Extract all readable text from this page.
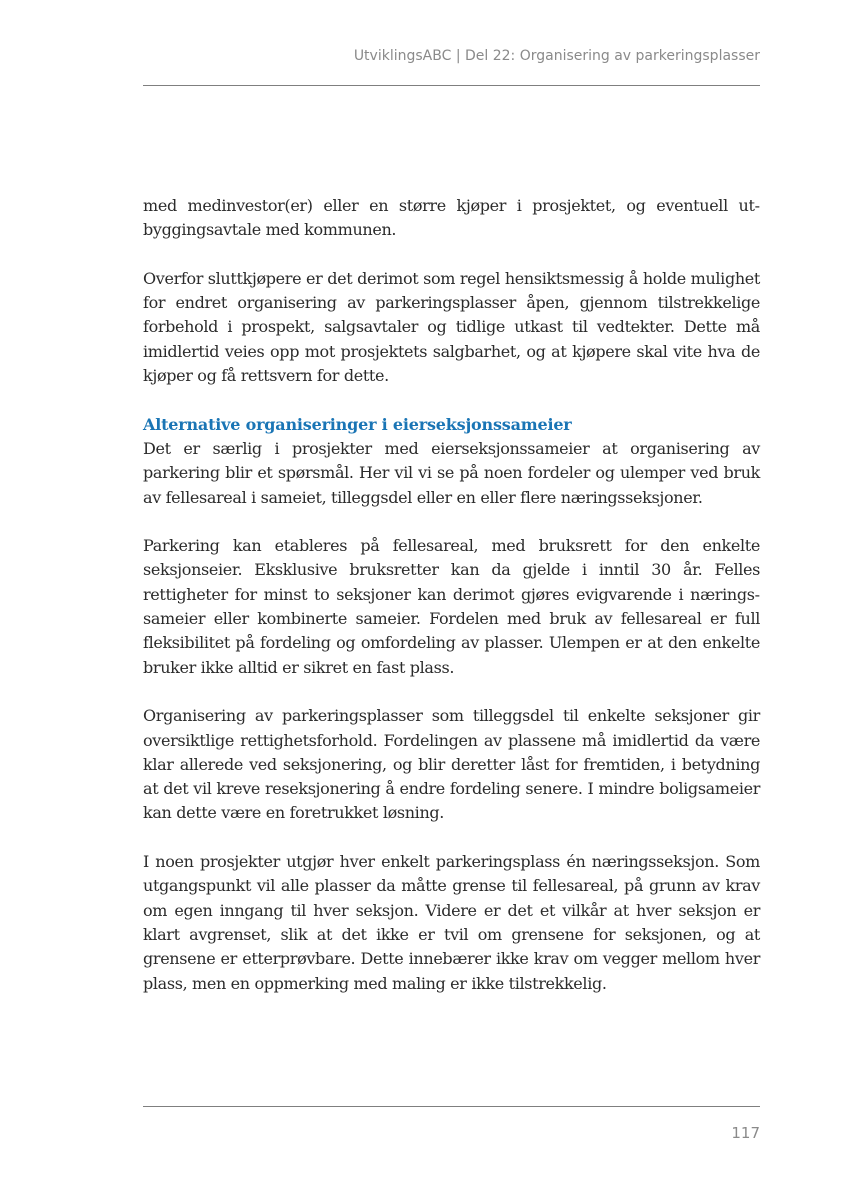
UtviklingsABC | Del 22: Organisering av parkeringsplasser

med medinvestor(er) eller en større kjøper i prosjektet, og eventuell utbyggingsavtale med kommunen.

Overfor sluttkjøpere er det derimot som regel hensiktsmessig å holde mulighet for endret organisering av parkeringsplasser åpen, gjennom tilstrekkelige forbehold i prospekt, salgsavtaler og tidlige utkast til vedtekter. Dette må imidlertid veies opp mot prosjektets salgbarhet, og at kjøpere skal vite hva de kjøper og få rettsvern for dette.

Alternative organiseringer i eierseksjonssameier

Det er særlig i prosjekter med eierseksjonssameier at organisering av parkering blir et spørsmål. Her vil vi se på noen fordeler og ulemper ved bruk av fellesareal i sameiet, tilleggsdel eller en eller flere næringsseksjoner.

Parkering kan etableres på fellesareal, med bruksrett for den enkelte seksjonseier. Eksklusive bruksretter kan da gjelde i inntil 30 år. Felles rettigheter for minst to seksjoner kan derimot gjøres evigvarende i næringssameier eller kombinerte sameier. Fordelen med bruk av fellesareal er full fleksibilitet på fordeling og omfordeling av plasser. Ulempen er at den enkelte bruker ikke alltid er sikret en fast plass.

Organisering av parkeringsplasser som tilleggsdel til enkelte seksjoner gir oversiktlige rettighetsforhold. Fordelingen av plassene må imidlertid da være klar allerede ved seksjonering, og blir deretter låst for fremtiden, i betydning at det vil kreve reseksjonering å endre fordeling senere. I mindre boligsameier kan dette være en foretrukket løsning.

I noen prosjekter utgjør hver enkelt parkeringsplass én næringsseksjon. Som utgangspunkt vil alle plasser da måtte grense til fellesareal, på grunn av krav om egen inngang til hver seksjon. Videre er det et vilkår at hver seksjon er klart avgrenset, slik at det ikke er tvil om grensene for seksjonen, og at grensene er etterprøvbare. Dette innebærer ikke krav om vegger mellom hver plass, men en oppmerking med maling er ikke tilstrekkelig.

117
